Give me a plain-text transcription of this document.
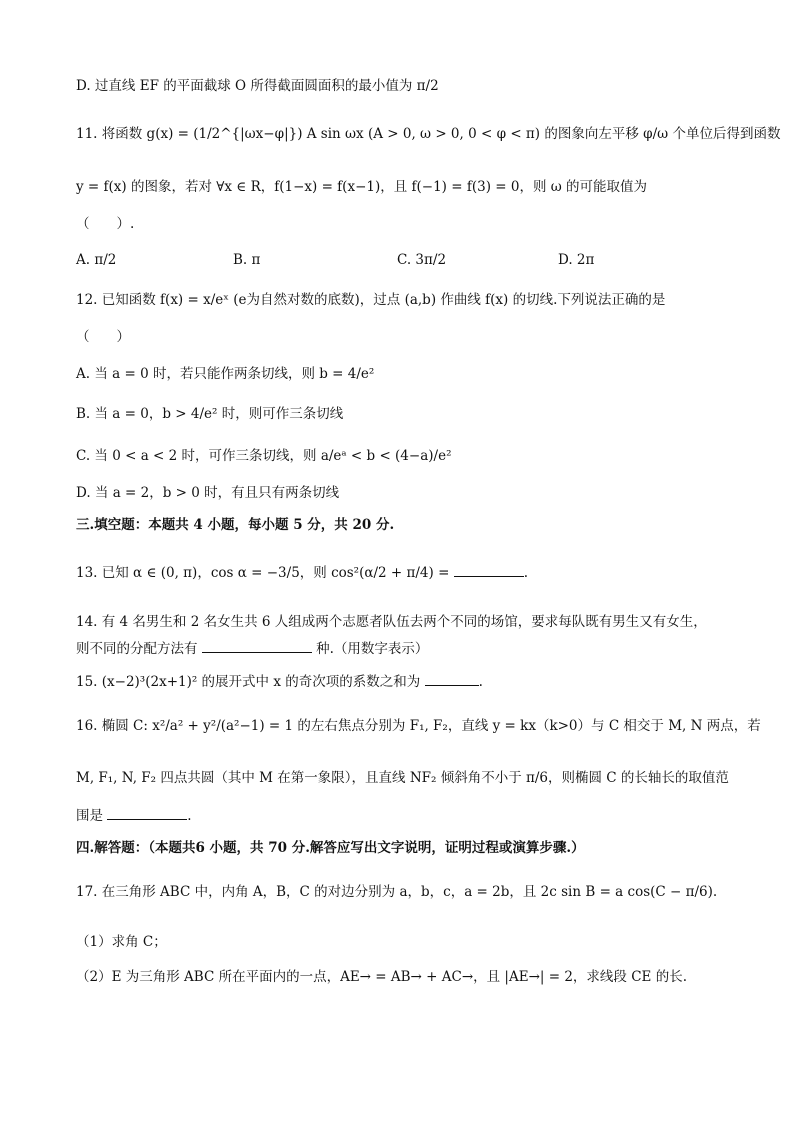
D. 过直线 EF 的平面截球 O 所得截面圆面积的最小值为 π/2
11. 将函数 g(x) = (1/2^{|ωx−φ|}) A sin ωx (A > 0, ω > 0, 0 < φ < π) 的图象向左平移 φ/ω 个单位后得到函数
y = f(x) 的图象，若对 ∀x ∈ R，f(1−x) = f(x−1)，且 f(−1) = f(3) = 0，则 ω 的可能取值为
（　　）.
A. π/2	B. π	C. 3π/2	D. 2π
12. 已知函数 f(x) = x/eˣ (e为自然对数的底数)，过点 (a,b) 作曲线 f(x) 的切线.下列说法正确的是
（　　）
A. 当 a = 0 时，若只能作两条切线，则 b = 4/e²
B. 当 a = 0，b > 4/e² 时，则可作三条切线
C. 当 0 < a < 2 时，可作三条切线，则 a/eᵃ < b < (4−a)/e²
D. 当 a = 2，b > 0 时，有且只有两条切线
三.填空题：本题共 4 小题，每小题 5 分，共 20 分.
13. 已知 α ∈ (0, π)，cos α = −3/5，则 cos²(α/2 + π/4) =	.
14. 有 4 名男生和 2 名女生共 6 人组成两个志愿者队伍去两个不同的场馆，要求每队既有男生又有女生，
则不同的分配方法有	种.（用数字表示）
15. (x−2)³(2x+1)² 的展开式中 x 的奇次项的系数之和为	.
16. 椭圆 C: x²/a² + y²/(a²−1) = 1 的左右焦点分别为 F₁, F₂，直线 y = kx（k>0）与 C 相交于 M, N 两点，若
M, F₁, N, F₂ 四点共圆（其中 M 在第一象限），且直线 NF₂ 倾斜角不小于 π/6，则椭圆 C 的长轴长的取值范
围是	.
四.解答题：（本题共6 小题，共 70 分.解答应写出文字说明，证明过程或演算步骤.）
17. 在三角形 ABC 中，内角 A，B，C 的对边分别为 a，b，c，a = 2b，且 2c sin B = a cos(C − π/6).
（1）求角 C；
（2）E 为三角形 ABC 所在平面内的一点，AE→ = AB→ + AC→，且 |AE→| = 2，求线段 CE 的长.
